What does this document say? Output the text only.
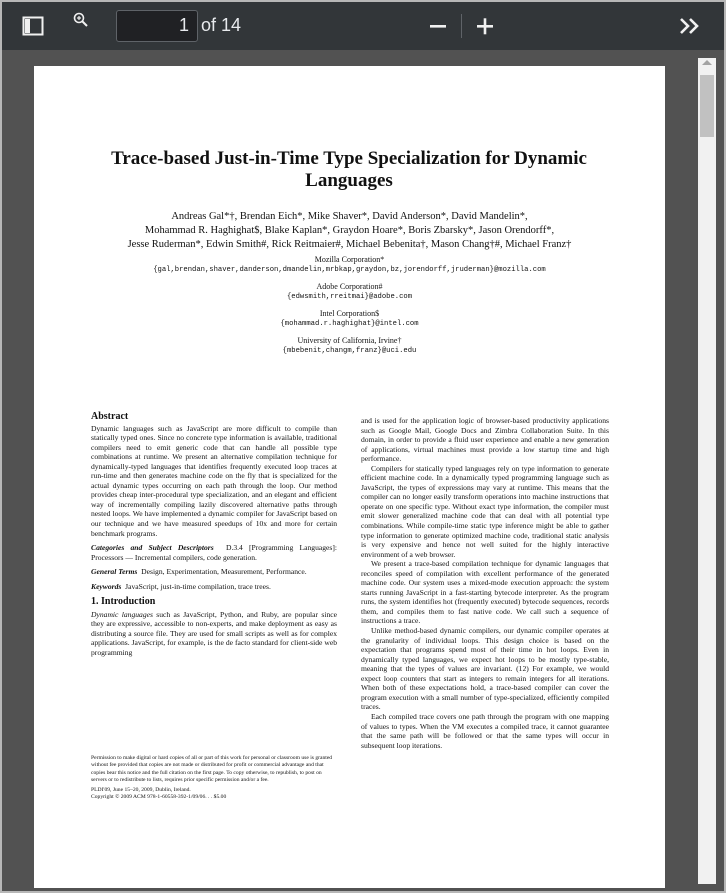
1 of 14
Trace-based Just-in-Time Type Specialization for Dynamic Languages
Andreas Gal*†, Brendan Eich*, Mike Shaver*, David Anderson*, David Mandelin*,
Mohammad R. Haghighat$, Blake Kaplan*, Graydon Hoare*, Boris Zbarsky*, Jason Orendorff*,
Jesse Ruderman*, Edwin Smith#, Rick Reitmaier#, Michael Bebenita†, Mason Chang†#, Michael Franz†
Mozilla Corporation*
{gal,brendan,shaver,danderson,dmandelin,mrbkap,graydon,bz,jorendorff,jruderman}@mozilla.com
Adobe Corporation#
{edwsmith,rreitmai}@adobe.com
Intel Corporation$
{mohammad.r.haghighat}@intel.com
University of California, Irvine†
{mbebenit,changm,franz}@uci.edu
Abstract

Dynamic languages such as JavaScript are more difficult to compile than statically typed ones. Since no concrete type information is available, traditional compilers need to emit generic code that can handle all possible type combinations at runtime. We present an alternative compilation technique for dynamically-typed languages that identifies frequently executed loop traces at run-time and then generates machine code on the fly that is specialized for the actual dynamic types occurring on each path through the loop. Our method provides cheap inter-procedural type specialization, and an elegant and efficient way of incrementally compiling lazily discovered alternative paths through nested loops. We have implemented a dynamic compiler for JavaScript based on our technique and we have measured speedups of 10x and more for certain benchmark programs.

Categories and Subject Descriptors D.3.4 [Programming Languages]: Processors — Incremental compilers, code generation.

General Terms Design, Experimentation, Measurement, Performance.

Keywords JavaScript, just-in-time compilation, trace trees.

1. Introduction

Dynamic languages such as JavaScript, Python, and Ruby, are popular since they are expressive, accessible to non-experts, and make deployment as easy as distributing a source file. They are used for small scripts as well as for complex applications. JavaScript, for example, is the de facto standard for client-side web programming

Permission to make digital or hard copies of all or part of this work for personal or classroom use is granted without fee provided that copies are not made or distributed for profit or commercial advantage and that copies bear this notice and the full citation on the first page. To copy otherwise, to republish, to post on servers or to redistribute to lists, requires prior specific permission and/or a fee.

PLDI'09, June 15–20, 2009, Dublin, Ireland.

Copyright © 2009 ACM 978-1-60558-392-1/09/06. . . $5.00

and is used for the application logic of browser-based productivity applications such as Google Mail, Google Docs and Zimbra Collaboration Suite. In this domain, in order to provide a fluid user experience and enable a new generation of applications, virtual machines must provide a low startup time and high performance.

Compilers for statically typed languages rely on type information to generate efficient machine code. In a dynamically typed programming language such as JavaScript, the types of expressions may vary at runtime. This means that the compiler can no longer easily transform operations into machine instructions that operate on one specific type. Without exact type information, the compiler must emit slower generalized machine code that can deal with all potential type combinations. While compile-time static type inference might be able to gather type information to generate optimized machine code, traditional static analysis is very expensive and hence not well suited for the highly interactive environment of a web browser.

We present a trace-based compilation technique for dynamic languages that reconciles speed of compilation with excellent performance of the generated machine code. Our system uses a mixed-mode execution approach: the system starts running JavaScript in a fast-starting bytecode interpreter. As the program runs, the system identifies hot (frequently executed) bytecode sequences, records them, and compiles them to fast native code. We call such a sequence of instructions a trace.

Unlike method-based dynamic compilers, our dynamic compiler operates at the granularity of individual loops. This design choice is based on the expectation that programs spend most of their time in hot loops. Even in dynamically typed languages, we expect hot loops to be mostly type-stable, meaning that the types of values are invariant. (12) For example, we would expect loop counters that start as integers to remain integers for all iterations. When both of these expectations hold, a trace-based compiler can cover the program execution with a small number of type-specialized, efficiently compiled traces.

Each compiled trace covers one path through the program with one mapping of values to types. When the VM executes a compiled trace, it cannot guarantee that the same path will be followed or that the same types will occur in subsequent loop iterations.
